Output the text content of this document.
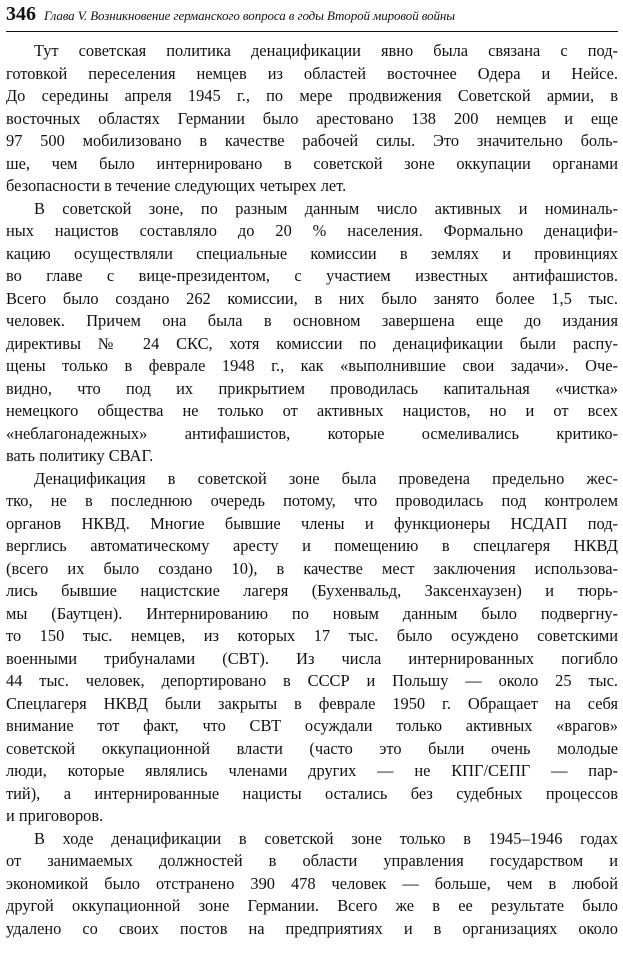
346 Глава V. Возникновение германского вопроса в годы Второй мировой войны
Тут советская политика денацификации явно была связана с под-
готовкой переселения немцев из областей восточнее Одера и Нейсе.
До середины апреля 1945 г., по мере продвижения Советской армии, в
восточных областях Германии было арестовано 138 200 немцев и еще
97 500 мобилизовано в качестве рабочей силы. Это значительно боль-
ше, чем было интернировано в советской зоне оккупации органами
безопасности в течение следующих четырех лет.
В советской зоне, по разным данным число активных и номиналь-
ных нацистов составляло до 20 % населения. Формально денацифи-
кацию осуществляли специальные комиссии в землях и провинциях
во главе с вице-президентом, с участием известных антифашистов.
Всего было создано 262 комиссии, в них было занято более 1,5 тыс.
человек. Причем она была в основном завершена еще до издания
директивы № 24 СКС, хотя комиссии по денацификации были распу-
щены только в феврале 1948 г., как «выполнившие свои задачи». Оче-
видно, что под их прикрытием проводилась капитальная «чистка»
немецкого общества не только от активных нацистов, но и от всех
«неблагонадежных» антифашистов, которые осмеливались критико-
вать политику СВАГ.
Денацификация в советской зоне была проведена предельно жес-
тко, не в последнюю очередь потому, что проводилась под контролем
органов НКВД. Многие бывшие члены и функционеры НСДАП под-
верглись автоматическому аресту и помещению в спецлагеря НКВД
(всего их было создано 10), в качестве мест заключения использова-
лись бывшие нацистские лагеря (Бухенвальд, Заксенхаузен) и тюрь-
мы (Баутцен). Интернированию по новым данным было подвергну-
то 150 тыс. немцев, из которых 17 тыс. было осуждено советскими
военными трибуналами (СВТ). Из числа интернированных погибло
44 тыс. человек, депортировано в СССР и Польшу — около 25 тыс.
Спецлагеря НКВД были закрыты в феврале 1950 г. Обращает на себя
внимание тот факт, что СВТ осуждали только активных «врагов»
советской оккупационной власти (часто это были очень молодые
люди, которые являлись членами других — не КПГ/СЕПГ — пар-
тий), а интернированные нацисты остались без судебных процессов
и приговоров.
В ходе денацификации в советской зоне только в 1945–1946 годах
от занимаемых должностей в области управления государством и
экономикой было отстранено 390 478 человек — больше, чем в любой
другой оккупационной зоне Германии. Всего же в ее результате было
удалено со своих постов на предприятиях и в организациях около
